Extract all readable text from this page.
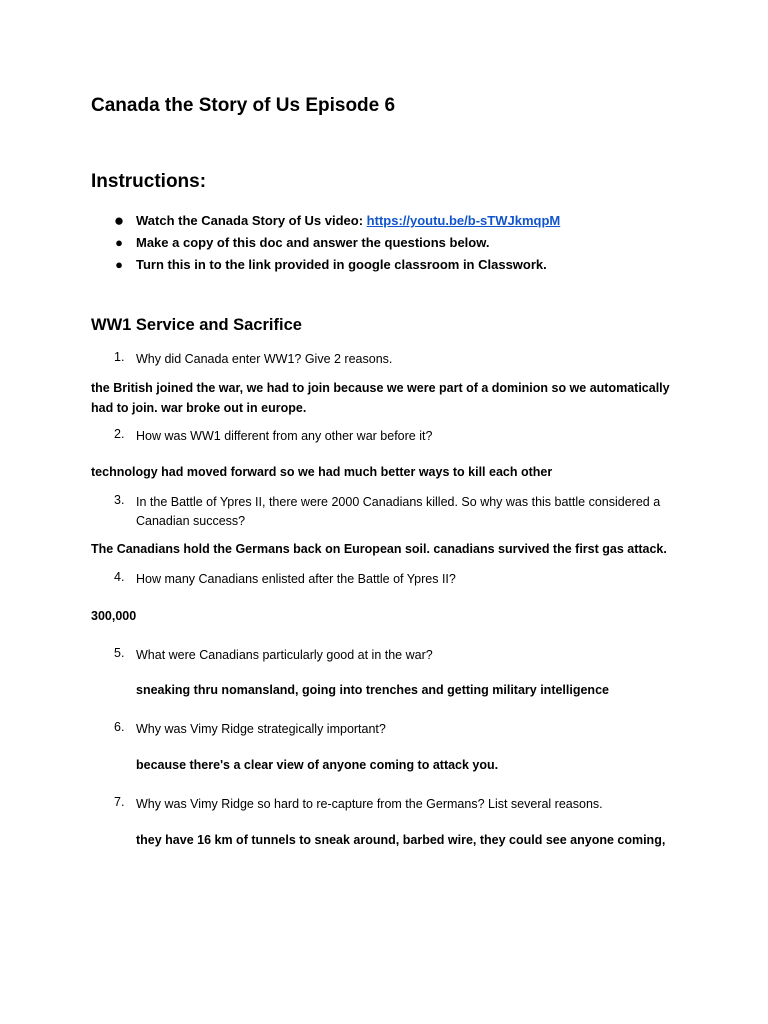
Canada the Story of Us Episode 6
Instructions:
● Watch the Canada Story of Us video: https://youtu.be/b-sTWJkmqpM
● Make a copy of this doc and answer the questions below.
● Turn this in to the link provided in google classroom in Classwork.
WW1 Service and Sacrifice
1. Why did Canada enter WW1? Give 2 reasons.
the British joined the war, we had to join because we were part of a dominion so we automatically had to join. war broke out in europe.
2. How was WW1 different from any other war before it?
technology had moved forward so we had much better ways to kill each other
3. In the Battle of Ypres II, there were 2000 Canadians killed. So why was this battle considered a
Canadian success?
The Canadians hold the Germans back on European soil. canadians survived the first gas attack.
4. How many Canadians enlisted after the Battle of Ypres II?
300,000
5. What were Canadians particularly good at in the war?
sneaking thru nomansland, going into trenches and getting military intelligence
6. Why was Vimy Ridge strategically important?
because there's a clear view of anyone coming to attack you.
7. Why was Vimy Ridge so hard to re-capture from the Germans? List several reasons.
they have 16 km of tunnels to sneak around, barbed wire, they could see anyone coming,
